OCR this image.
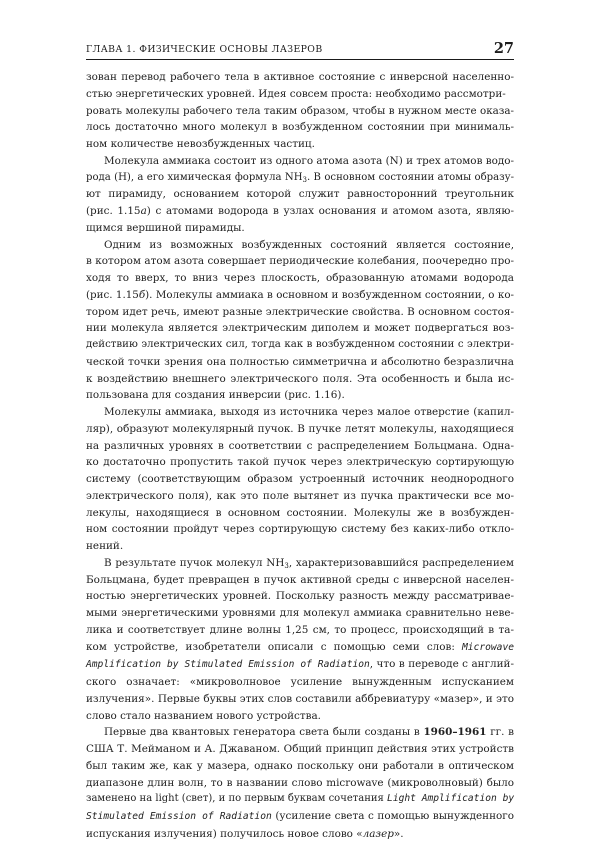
ГЛАВА 1. ФИЗИЧЕСКИЕ ОСНОВЫ ЛАЗЕРОВ	27
зован перевод рабочего тела в активное состояние с инверсной населенно-
стью энергетических уровней. Идея совсем проста: необходимо рассмотри-
ровать молекулы рабочего тела таким образом, чтобы в нужном месте оказа-
лось достаточно много молекул в возбужденном состоянии при минималь-
ном количестве невозбужденных частиц.
Молекула аммиака состоит из одного атома азота (N) и трех атомов водо-
рода (H), а его химическая формула $NH_3$. В основном состоянии атомы образу-
ют пирамиду, основанием которой служит равносторонний треугольник
(рис. 1.15а) с атомами водорода в узлах основания и атомом азота, являю-
щимся вершиной пирамиды.
Одним из возможных возбужденных состояний является состояние,
в котором атом азота совершает периодические колебания, поочередно про-
ходя то вверх, то вниз через плоскость, образованную атомами водорода
(рис. 1.15б). Молекулы аммиака в основном и возбужденном состоянии, о ко-
тором идет речь, имеют разные электрические свойства. В основном состоя-
нии молекула является электрическим диполем и может подвергаться воз-
действию электрических сил, тогда как в возбужденном состоянии с электри-
ческой точки зрения она полностью симметрична и абсолютно безразлична
к воздействию внешнего электрического поля. Эта особенность и была ис-
пользована для создания инверсии (рис. 1.16).
Молекулы аммиака, выходя из источника через малое отверстие (капил-
ляр), образуют молекулярный пучок. В пучке летят молекулы, находящиеся
на различных уровнях в соответствии с распределением Больцмана. Одна-
ко достаточно пропустить такой пучок через электрическую сортирующую
систему (соответствующим образом устроенный источник неоднородного
электрического поля), как это поле вытянет из пучка практически все мо-
лекулы, находящиеся в основном состоянии. Молекулы же в возбужден-
ном состоянии пройдут через сортирующую систему без каких-либо откло-
нений.
В результате пучок молекул $NH_3$, характеризовавшийся распределением
Больцмана, будет превращен в пучок активной среды с инверсной населен-
ностью энергетических уровней. Поскольку разность между рассматривае-
мыми энергетическими уровнями для молекул аммиака сравнительно неве-
лика и соответствует длине волны 1,25 см, то процесс, происходящий в та-
ком устройстве, изобретатели описали с помощью семи слов: Microwave
Amplification by Stimulated Emission of Radiation, что в переводе с англий-
ского означает: «микроволновое усиление вынужденным испусканием
излучения». Первые буквы этих слов составили аббревиатуру «мазер», и это
слово стало названием нового устройства.
Первые два квантовых генератора света были созданы в 1960–1961 гг. в
США Т. Мейманом и А. Джаваном. Общий принцип действия этих устройств
был таким же, как у мазера, однако поскольку они работали в оптическом
диапазоне длин волн, то в названии слово microwave (микроволновый) было
заменено на light (свет), и по первым буквам сочетания Light Amplification by
Stimulated Emission of Radiation (усиление света с помощью вынужденного
испускания излучения) получилось новое слово «лазер».
